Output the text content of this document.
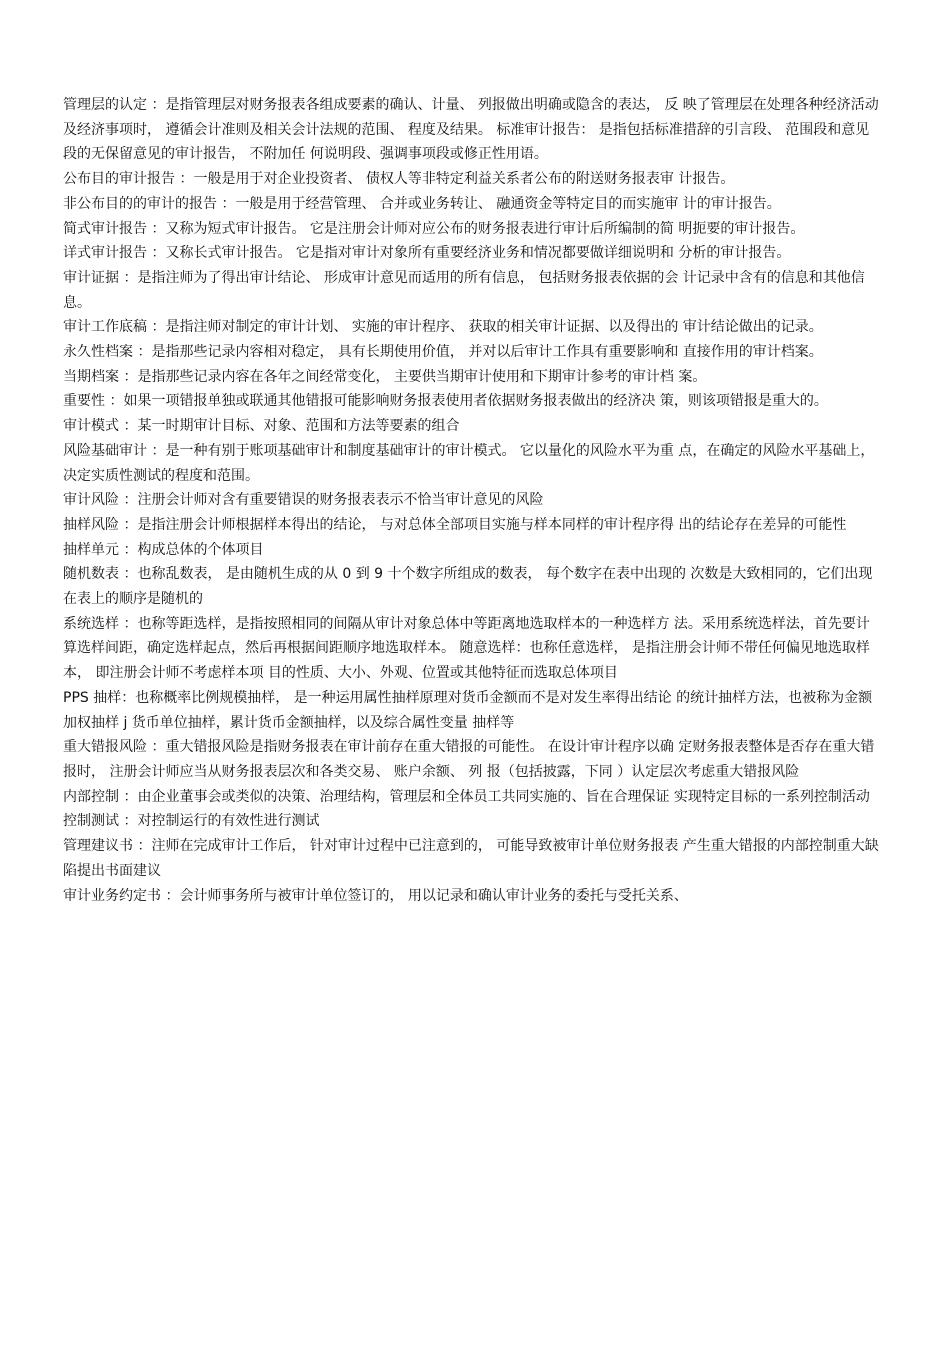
管理层的认定 ：是指管理层对财务报表各组成要素的确认、计量、 列报做出明确或隐含的表达， 反 映了管理层在处理各种经济活动及经济事项时， 遵循会计准则及相关会计法规的范围、 程度及结果。 标准审计报告： 是指包括标准措辞的引言段、 范围段和意见段的无保留意见的审计报告， 不附加任 何说明段、强调事项段或修正性用语。

公布目的审计报告 ：一般是用于对企业投资者、 债权人等非特定利益关系者公布的附送财务报表审 计报告。

非公布目的的审计的报告 ：一般是用于经营管理、 合并或业务转让、 融通资金等特定目的而实施审 计的审计报告。

简式审计报告 ：又称为短式审计报告。 它是注册会计师对应公布的财务报表进行审计后所编制的简 明扼要的审计报告。

详式审计报告 ：又称长式审计报告。 它是指对审计对象所有重要经济业务和情况都要做详细说明和 分析的审计报告。

审计证据 ：是指注师为了得出审计结论、 形成审计意见而适用的所有信息， 包括财务报表依据的会 计记录中含有的信息和其他信息。

审计工作底稿 ：是指注师对制定的审计计划、 实施的审计程序、 获取的相关审计证据、以及得出的 审计结论做出的记录。

永久性档案 ：是指那些记录内容相对稳定， 具有长期使用价值， 并对以后审计工作具有重要影响和 直接作用的审计档案。

当期档案 ：是指那些记录内容在各年之间经常变化， 主要供当期审计使用和下期审计参考的审计档 案。

重要性 ：如果一项错报单独或联通其他错报可能影响财务报表使用者依据财务报表做出的经济决 策，则该项错报是重大的。

审计模式 ：某一时期审计目标、对象、范围和方法等要素的组合

风险基础审计 ：是一种有别于账项基础审计和制度基础审计的审计模式。 它以量化的风险水平为重 点，在确定的风险水平基础上，决定实质性测试的程度和范围。

审计风险 ：注册会计师对含有重要错误的财务报表表示不恰当审计意见的风险

抽样风险 ：是指注册会计师根据样本得出的结论， 与对总体全部项目实施与样本同样的审计程序得 出的结论存在差异的可能性

抽样单元 ：构成总体的个体项目

随机数表 ：也称乱数表， 是由随机生成的从 0 到 9 十个数字所组成的数表， 每个数字在表中出现的 次数是大致相同的，它们出现在表上的顺序是随机的

系统选样 ：也称等距选样，是指按照相同的间隔从审计对象总体中等距离地选取样本的一种选样方 法。采用系统选样法，首先要计算选样间距，确定选样起点，然后再根据间距顺序地选取样本。 随意选样：也称任意选样， 是指注册会计师不带任何偏见地选取样本， 即注册会计师不考虑样本项 目的性质、大小、外观、位置或其他特征而选取总体项目

PPS 抽样：也称概率比例规模抽样， 是一种运用属性抽样原理对货币金额而不是对发生率得出结论 的统计抽样方法，也被称为金额加权抽样 j 货币单位抽样，累计货币金额抽样，以及综合属性变量 抽样等

重大错报风险 ：重大错报风险是指财务报表在审计前存在重大错报的可能性。 在设计审计程序以确 定财务报表整体是否存在重大错报时， 注册会计师应当从财务报表层次和各类交易、 账户余额、 列 报（包括披露，下同 ）认定层次考虑重大错报风险

内部控制 ：由企业董事会或类似的决策、治理结构，管理层和全体员工共同实施的、旨在合理保证 实现特定目标的一系列控制活动

控制测试 ：对控制运行的有效性进行测试

管理建议书 ：注师在完成审计工作后， 针对审计过程中已注意到的， 可能导致被审计单位财务报表 产生重大错报的内部控制重大缺陷提出书面建议

审计业务约定书 ：会计师事务所与被审计单位签订的， 用以记录和确认审计业务的委托与受托关系、
